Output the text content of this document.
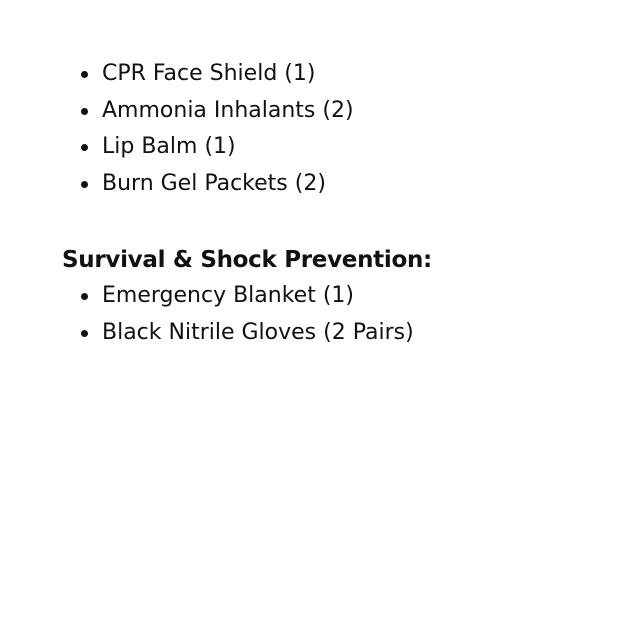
CPR Face Shield (1)
Ammonia Inhalants (2)
Lip Balm (1)
Burn Gel Packets (2)
Survival & Shock Prevention:
Emergency Blanket (1)
Black Nitrile Gloves (2 Pairs)
